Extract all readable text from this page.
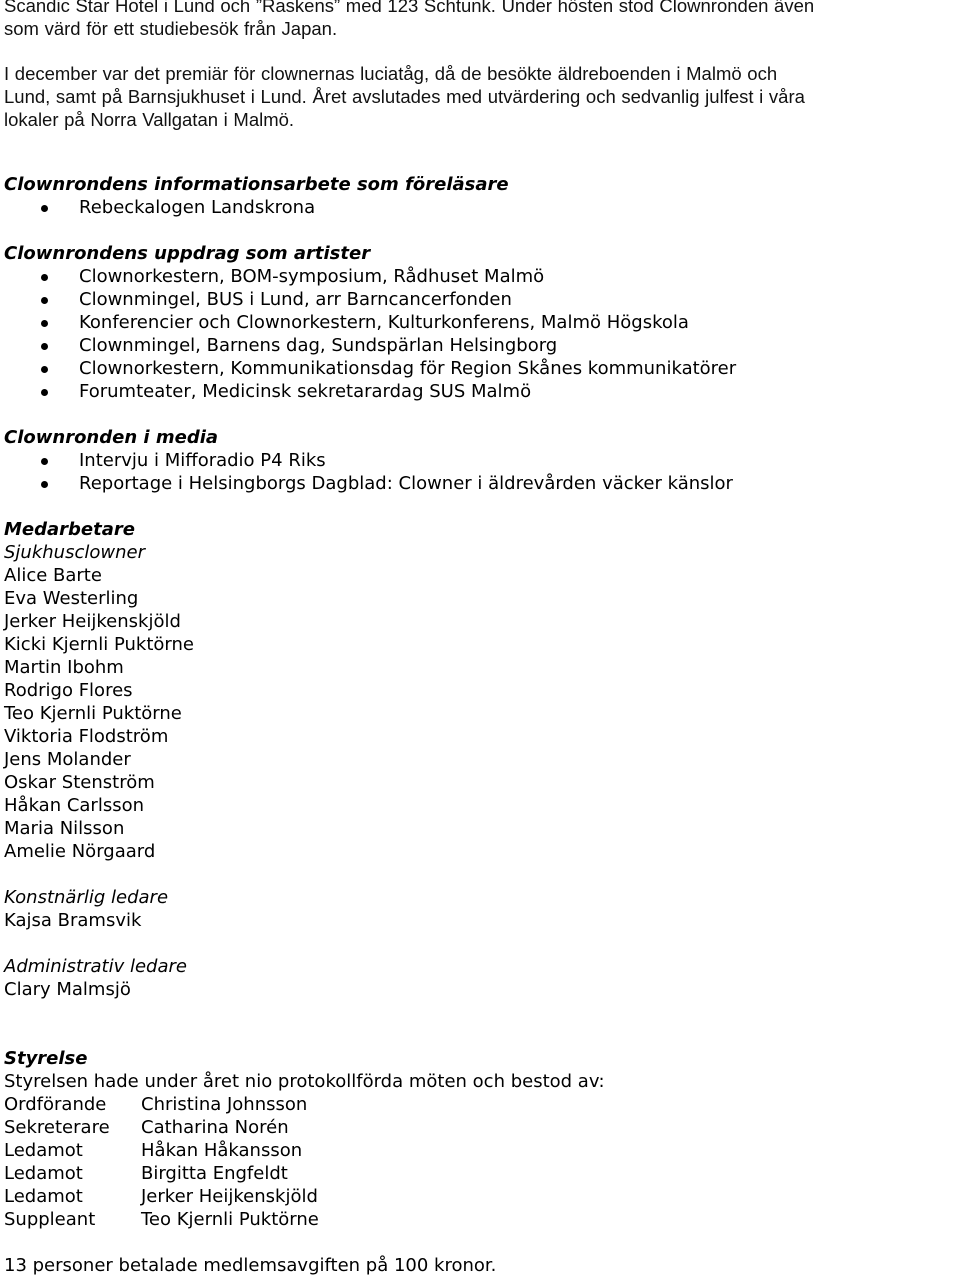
Scandic Star Hotel i Lund och ”Raskens” med 123 Schtunk. Under hösten stod Clownronden även

som värd för ett studiebesök från Japan.

I december var det premiär för clownernas luciatåg, då de besökte äldreboenden i Malmö och

Lund, samt på Barnsjukhuset i Lund. Året avslutades med utvärdering och sedvanlig julfest i våra

lokaler på Norra Vallgatan i Malmö.

Clownrondens informationsarbete som föreläsare

Rebeckalogen Landskrona

Clownrondens uppdrag som artister

Clownorkestern, BOM-symposium, Rådhuset Malmö
Clownmingel, BUS i Lund, arr Barncancerfonden
Konferencier och Clownorkestern, Kulturkonferens, Malmö Högskola
Clownmingel, Barnens dag, Sundspärlan Helsingborg
Clownorkestern, Kommunikationsdag för Region Skånes kommunikatörer
Forumteater, Medicinsk sekretarardag SUS Malmö

Clownronden i media

Intervju i Mifforadio P4 Riks
Reportage i Helsingborgs Dagblad: Clowner i äldrevården väcker känslor

Medarbetare

Sjukhusclowner

Alice Barte

Eva Westerling

Jerker Heijkenskjöld

Kicki Kjernli Puktörne

Martin Ibohm

Rodrigo Flores

Teo Kjernli Puktörne

Viktoria Flodström

Jens Molander

Oskar Stenström

Håkan Carlsson

Maria Nilsson

Amelie Nörgaard

Konstnärlig ledare

Kajsa Bramsvik

Administrativ ledare

Clary Malmsjö

Styrelse

Styrelsen hade under året nio protokollförda möten och bestod av:

Ordförande	Christina Johnsson
Sekreterare	Catharina Norén
Ledamot	Håkan Håkansson
Ledamot	Birgitta Engfeldt
Ledamot	Jerker Heijkenskjöld
Suppleant	Teo Kjernli Puktörne

13 personer betalade medlemsavgiften på 100 kronor.
